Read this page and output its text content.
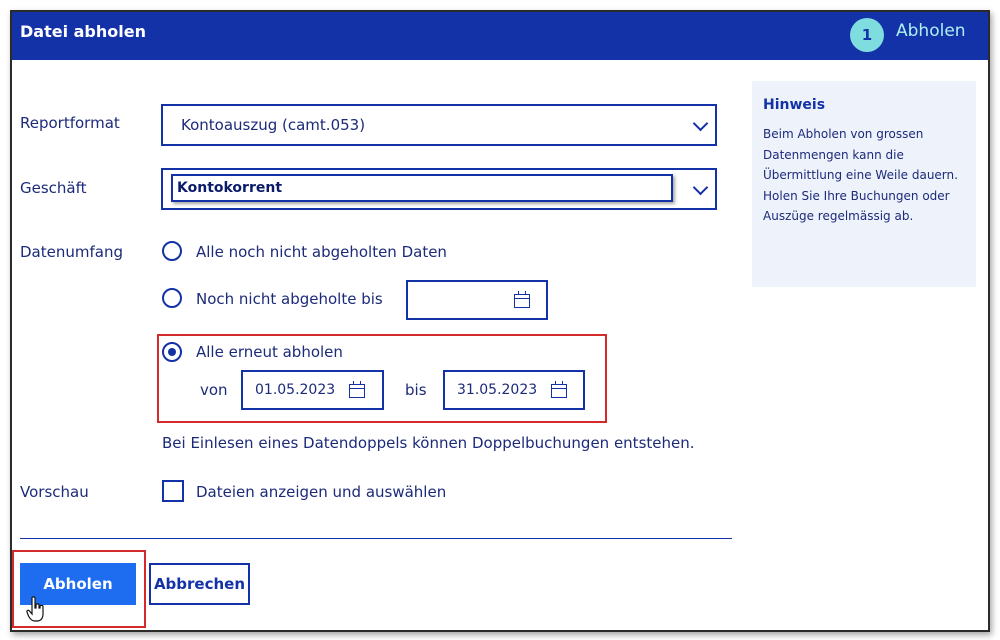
Datei abholen	1	Abholen
Reportformat	Kontoauszug (camt.053)
Geschäft	Kontokorrent
Datenumfang	Alle noch nicht abgeholten Daten
Noch nicht abgeholte bis
Alle erneut abholen
von 01.05.2023	bis 31.05.2023
Bei Einlesen eines Datendoppels können Doppelbuchungen entstehen.
Vorschau	Dateien anzeigen und auswählen
Abholen	Abbrechen
Hinweis
Beim Abholen von grossen Datenmengen kann die Übermittlung eine Weile dauern. Holen Sie Ihre Buchungen oder Auszüge regelmässig ab.
